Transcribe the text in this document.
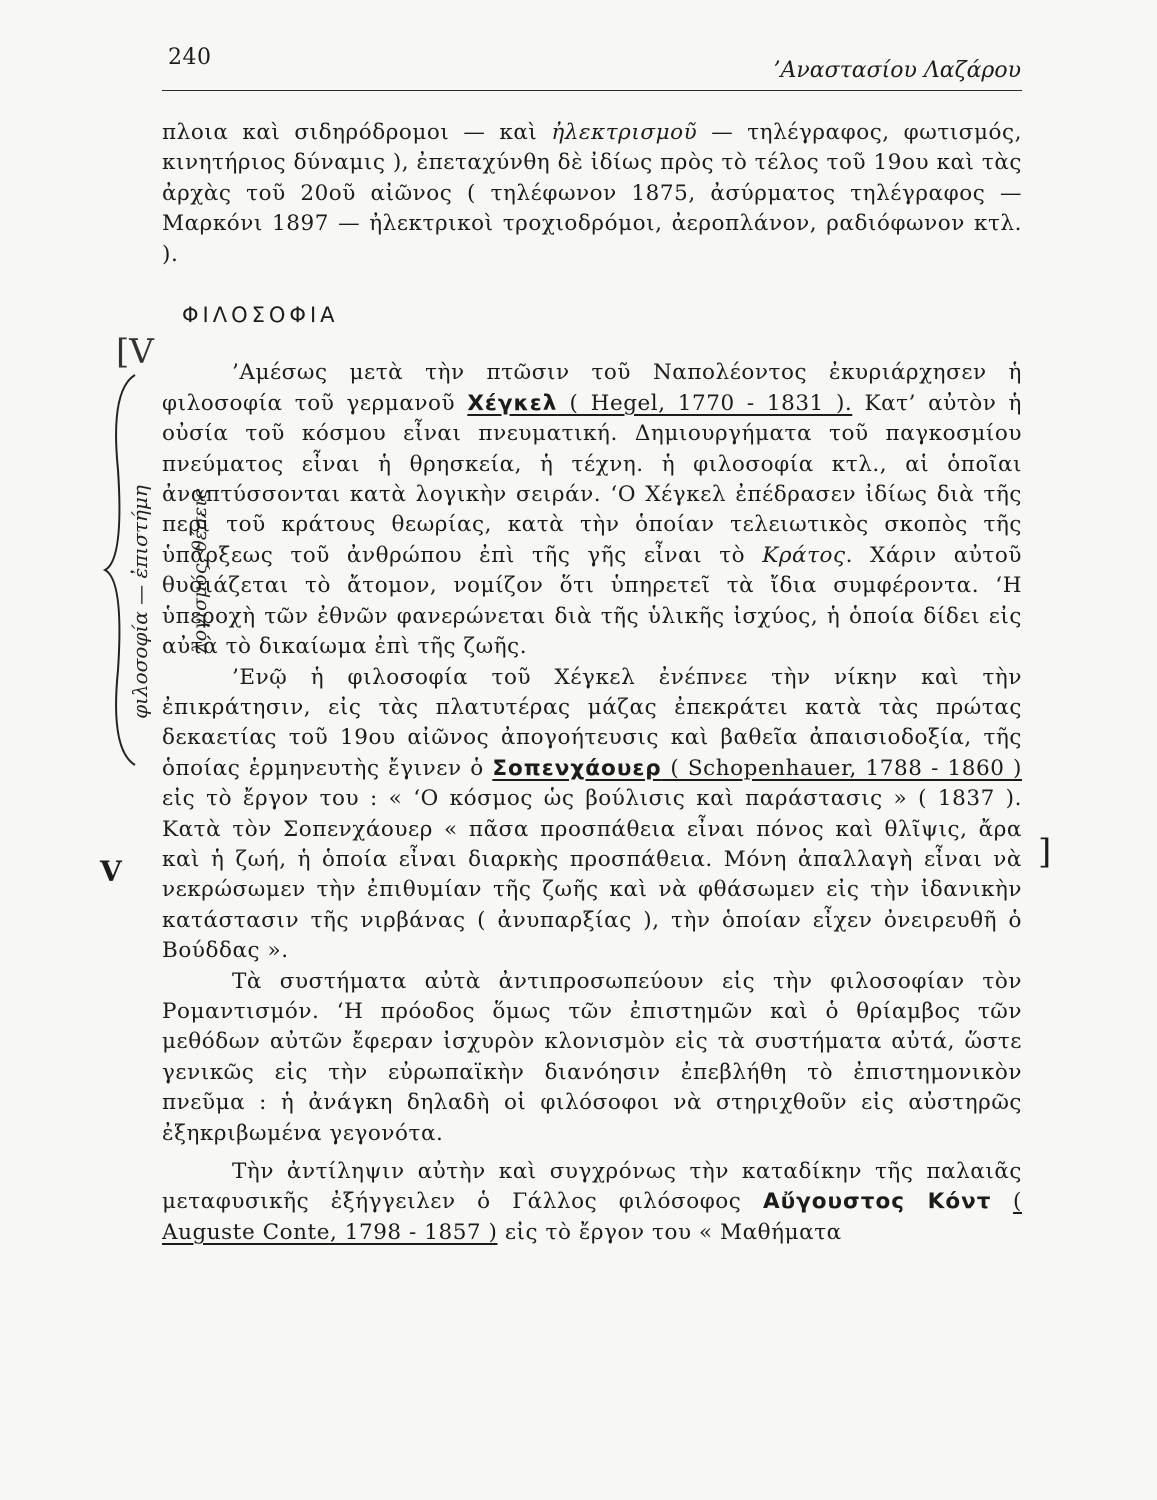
240
’Αναστασίου Λαζάρου
φιλοσοφία — ἐπιστήμη λογισμός, θέσεις
[V
V	]

πλοια καὶ σιδηρόδρομοι — καὶ ἠλεκτρισμοῦ — τηλέγραφος, φωτισμός, κινητήριος δύναμις ), ἐπεταχύνθη δὲ ἰδίως πρὸς τὸ τέλος τοῦ 19ου καὶ τὰς ἀρχὰς τοῦ 20οῦ αἰῶνος ( τηλέφωνον 1875, ἀσύρματος τηλέγραφος — Μαρκόνι 1897 — ἠλεκτρικοὶ τροχιοδρόμοι, ἀεροπλάνον, ραδιόφωνον κτλ. ).

ΦΙΛΟΣΟΦΙΑ

’Αμέσως μετὰ τὴν πτῶσιν τοῦ Ναπολέοντος ἐκυριάρχησεν ἡ φιλοσοφία τοῦ γερμανοῦ Χέγκελ ( Hegel, 1770 - 1831 ). Κατ’ αὐτὸν ἡ οὐσία τοῦ κόσμου εἶναι πνευματική. Δημιουργήματα τοῦ παγκοσμίου πνεύματος εἶναι ἡ θρησκεία, ἡ τέχνη. ἡ φιλοσοφία κτλ., αἱ ὁποῖαι ἀναπτύσσονται κατὰ λογικὴν σειράν. ‘Ο Χέγκελ ἐπέδρασεν ἰδίως διὰ τῆς περὶ τοῦ κράτους θεωρίας, κατὰ τὴν ὁποίαν τελειωτικὸς σκοπὸς τῆς ὑπάρξεως τοῦ ἀνθρώπου ἐπὶ τῆς γῆς εἶναι τὸ Κράτος. Χάριν αὐτοῦ θυσιάζεται τὸ ἄτομον, νομίζον ὅτι ὑπηρετεῖ τὰ ἴδια συμφέροντα. ‘Η ὑπεροχὴ τῶν ἐθνῶν φανερώνεται διὰ τῆς ὑλικῆς ἰσχύος, ἡ ὁποία δίδει εἰς αὐτὰ τὸ δικαίωμα ἐπὶ τῆς ζωῆς.

’Ενῷ ἡ φιλοσοφία τοῦ Χέγκελ ἐνέπνεε τὴν νίκην καὶ τὴν ἐπικράτησιν, εἰς τὰς πλατυτέρας μάζας ἐπεκράτει κατὰ τὰς πρώτας δεκαετίας τοῦ 19ου αἰῶνος ἀπογοήτευσις καὶ βαθεῖα ἀπαισιοδοξία, τῆς ὁποίας ἑρμηνευτὴς ἔγινεν ὁ Σοπενχάουερ ( Schopenhauer, 1788 - 1860 ) εἰς τὸ ἔργον του : « ‘Ο κόσμος ὡς βούλισις καὶ παράστασις » ( 1837 ). Κατὰ τὸν Σοπενχάουερ « πᾶσα προσπάθεια εἶναι πόνος καὶ θλῖψις, ἄρα καὶ ἡ ζωή, ἡ ὁποία εἶναι διαρκὴς προσπάθεια. Μόνη ἀπαλλαγὴ εἶναι νὰ νεκρώσωμεν τὴν ἐπιθυμίαν τῆς ζωῆς καὶ νὰ φθάσωμεν εἰς τὴν ἰδανικὴν κατάστασιν τῆς νιρβάνας ( ἀνυπαρξίας ), τὴν ὁποίαν εἶχεν ὀνειρευθῆ ὁ Βούδδας ».

Τὰ συστήματα αὐτὰ ἀντιπροσωπεύουν εἰς τὴν φιλοσοφίαν τὸν Ρομαντισμόν. ‘Η πρόοδος ὅμως τῶν ἐπιστημῶν καὶ ὁ θρίαμβος τῶν μεθόδων αὐτῶν ἔφεραν ἰσχυρὸν κλονισμὸν εἰς τὰ συστήματα αὐτά, ὥστε γενικῶς εἰς τὴν εὐρωπαϊκὴν διανόησιν ἐπεβλήθη τὸ ἐπιστημονικὸν πνεῦμα : ἡ ἀνάγκη δηλαδὴ οἱ φιλόσοφοι νὰ στηριχθοῦν εἰς αὐστηρῶς ἐξηκριβωμένα γεγονότα.

Τὴν ἀντίληψιν αὐτὴν καὶ συγχρόνως τὴν καταδίκην τῆς παλαιᾶς μεταφυσικῆς ἐξήγγειλεν ὁ Γάλλος φιλόσοφος Αὔγουστος Κόντ ( Auguste Conte, 1798 - 1857 ) εἰς τὸ ἔργον του « Μαθήματα
